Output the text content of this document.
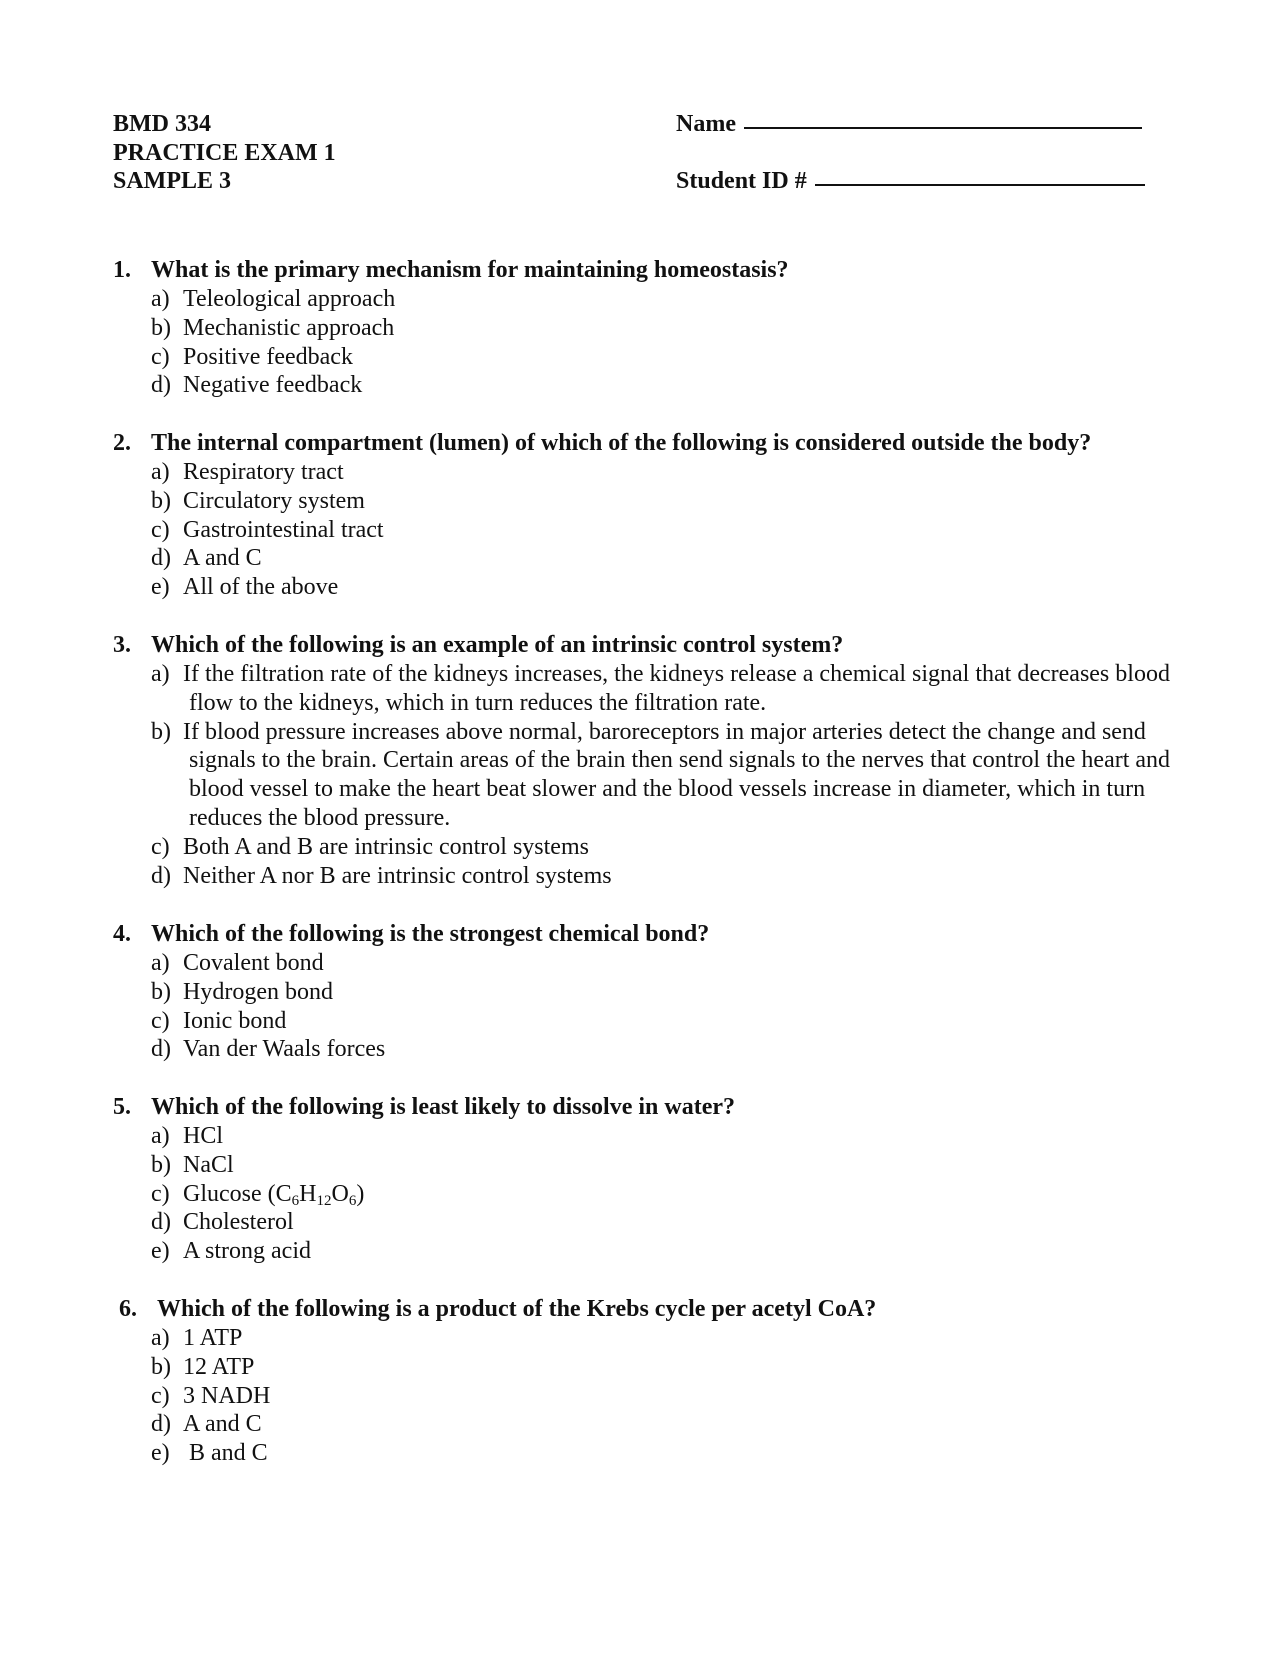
BMD 334
PRACTICE EXAM 1
SAMPLE 3
Name
Student ID #
1. What is the primary mechanism for maintaining homeostasis?
a) Teleological approach
b) Mechanistic approach
c) Positive feedback
d) Negative feedback
2. The internal compartment (lumen) of which of the following is considered outside the body?
a) Respiratory tract
b) Circulatory system
c) Gastrointestinal tract
d) A and C
e) All of the above
3. Which of the following is an example of an intrinsic control system?
a) If the filtration rate of the kidneys increases, the kidneys release a chemical signal that decreases blood flow to the kidneys, which in turn reduces the filtration rate.
b) If blood pressure increases above normal, baroreceptors in major arteries detect the change and send signals to the brain. Certain areas of the brain then send signals to the nerves that control the heart and blood vessel to make the heart beat slower and the blood vessels increase in diameter, which in turn reduces the blood pressure.
c) Both A and B are intrinsic control systems
d) Neither A nor B are intrinsic control systems
4. Which of the following is the strongest chemical bond?
a) Covalent bond
b) Hydrogen bond
c) Ionic bond
d) Van der Waals forces
5. Which of the following is least likely to dissolve in water?
a) HCl
b) NaCl
c) Glucose $(C_6H_{12}O_6)$
d) Cholesterol
e) A strong acid
6. Which of the following is a product of the Krebs cycle per acetyl CoA?
a) 1 ATP
b) 12 ATP
c) 3 NADH
d) A and C
e) B and C
